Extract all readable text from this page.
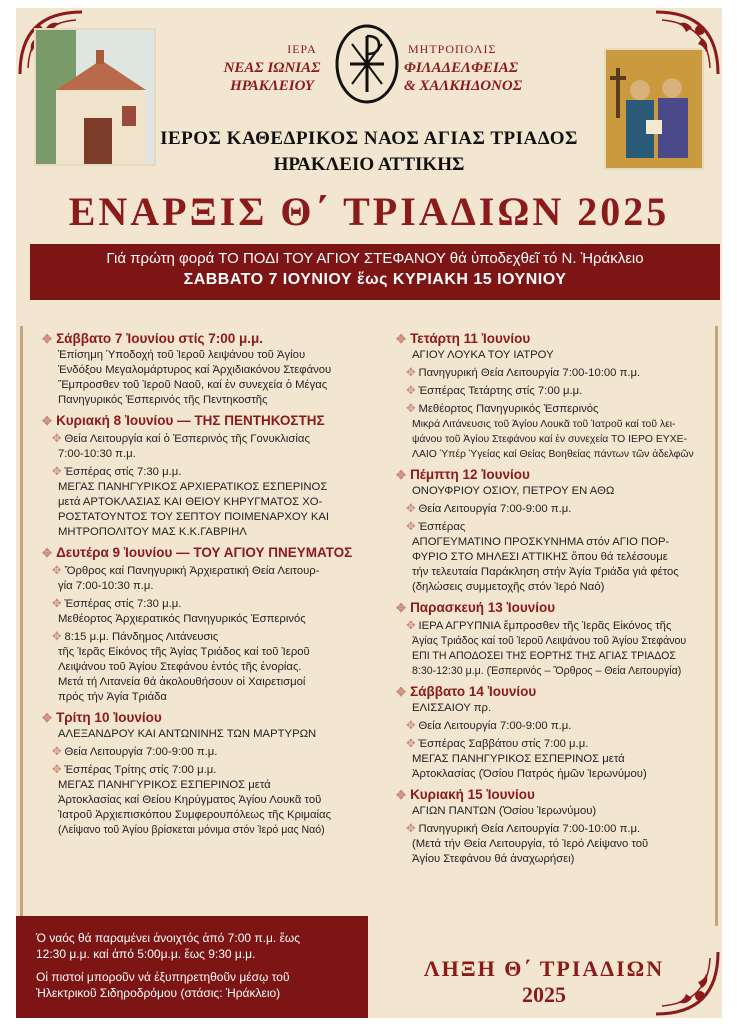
ΙΕΡΑ
ΝΕΑΣ ΙΩΝΙΑΣ
ΗΡΑΚΛΕΙΟΥ
ΜΗΤΡΟΠΟΛΙΣ
ΦΙΛΑΔΕΛΦΕΙΑΣ
& ΧΑΛΚΗΔΟΝΟΣ
ΙΕΡΟΣ ΚΑΘΕΔΡΙΚΟΣ ΝΑΟΣ ΑΓΙΑΣ ΤΡΙΑΔΟΣ
ΗΡΑΚΛΕΙΟ ΑΤΤΙΚΗΣ
ΕΝΑΡΞΙΣ Θ΄ ΤΡΙΑΔΙΩΝ 2025
Γιά πρώτη φορά ΤΟ ΠΟΔΙ ΤΟΥ ΑΓΙΟΥ ΣΤΕΦΑΝΟΥ θά ὑποδεχθεῖ τό Ν. Ἡράκλειο
ΣΑΒΒΑΤΟ 7 ΙΟΥΝΙΟΥ ἕως ΚΥΡΙΑΚΗ 15 ΙΟΥΝΙΟΥ
✥ Σάββατο 7 Ἰουνίου στίς 7:00 μ.μ.
Ἐπίσημη Ὑποδοχή τοῦ Ἱεροῦ λειψάνου τοῦ Ἁγίου
Ἐνδόξου Μεγαλομάρτυρος καί Ἀρχιδιακόνου Στεφάνου
Ἔμπροσθεν τοῦ Ἱεροῦ Ναοῦ, καί ἐν συνεχεία ὁ Μέγας
Πανηγυρικός Ἑσπερινός τῆς Πεντηκοστῆς
✥ Κυριακή 8 Ἰουνίου — ΤΗΣ ΠΕΝΤΗΚΟΣΤΗΣ
✥ Θεία Λειτουργία καί ὁ Ἑσπερινός τῆς Γονυκλισίας
7:00-10:30 π.μ.
✥ Ἑσπέρας στίς 7:30 μ.μ.
ΜΕΓΑΣ ΠΑΝΗΓΥΡΙΚΟΣ ΑΡΧΙΕΡΑΤΙΚΟΣ ΕΣΠΕΡΙΝΟΣ
μετά ΑΡΤΟΚΛΑΣΙΑΣ ΚΑΙ ΘΕΙΟΥ ΚΗΡΥΓΜΑΤΟΣ ΧΟ-
ΡΟΣΤΑΤΟΥΝΤΟΣ ΤΟΥ ΣΕΠΤΟΥ ΠΟΙΜΕΝΑΡΧΟΥ ΚΑΙ
ΜΗΤΡΟΠΟΛΙΤΟΥ ΜΑΣ Κ.Κ.ΓΑΒΡΙΗΛ
✥ Δευτέρα 9 Ἰουνίου — ΤΟΥ ΑΓΙΟΥ ΠΝΕΥΜΑΤΟΣ
✥ Ὄρθρος καί Πανηγυρική Ἀρχιερατική Θεία Λειτουρ-
γία 7:00-10:30 π.μ.
✥ Ἑσπέρας στίς 7:30 μ.μ.
Μεθέορτος Ἀρχιερατικός Πανηγυρικός Ἑσπερινός
✥ 8:15 μ.μ. Πάνδημος Λιτάνευσις
τῆς Ἱερᾶς Εἰκόνος τῆς Ἁγίας Τριάδος καί τοῦ Ἱεροῦ
Λειψάνου τοῦ Ἁγίου Στεφάνου ἐντός τῆς ἐνορίας.
Μετά τή Λιτανεία θά ἀκολουθήσουν οἱ Χαιρετισμοί
πρός τήν Ἁγία Τριάδα
✥ Τρίτη 10 Ἰουνίου
ΑΛΕΞΑΝΔΡΟΥ ΚΑΙ ΑΝΤΩΝΙΝΗΣ ΤΩΝ ΜΑΡΤΥΡΩΝ
✥ Θεία Λειτουργία 7:00-9:00 π.μ.
✥ Ἑσπέρας Τρίτης στίς 7:00 μ.μ.
ΜΕΓΑΣ ΠΑΝΗΓΥΡΙΚΟΣ ΕΣΠΕΡΙΝΟΣ μετά
Ἀρτοκλασίας καί Θείου Κηρύγματος Ἁγίου Λουκᾶ τοῦ
Ἰατροῦ Ἀρχιεπισκόπου Συμφερουπόλεως τῆς Κριμαίας
(Λείψανο τοῦ Ἁγίου βρίσκεται μόνιμα στόν Ἱερό μας Ναό)
✥ Τετάρτη 11 Ἰουνίου
ΑΓΙΟΥ ΛΟΥΚΑ ΤΟΥ ΙΑΤΡΟΥ
✥ Πανηγυρική Θεία Λειτουργία 7:00-10:00 π.μ.
✥ Ἑσπέρας Τετάρτης στίς 7:00 μ.μ.
✥ Μεθέορτος Πανηγυρικός Ἑσπερινός
Μικρά Λιτάνευσις τοῦ Ἁγίου Λουκᾶ τοῦ Ἰατροῦ καί τοῦ λει-
ψάνου τοῦ Ἁγίου Στεφάνου καί ἐν συνεχεία ΤΟ ΙΕΡΟ ΕΥΧΕ-
ΛΑΙΟ Ὑπέρ Ὑγείας καί Θείας Βοηθείας πάντων τῶν ἀδελφῶν
✥ Πέμπτη 12 Ἰουνίου
ΟΝΟΥΦΡΙΟΥ ΟΣΙΟΥ, ΠΕΤΡΟΥ ΕΝ ΑΘΩ
✥ Θεία Λειτουργία 7:00-9:00 π.μ.
✥ Ἑσπέρας
ΑΠΟΓΕΥΜΑΤΙΝΟ ΠΡΟΣΚΥΝΗΜΑ στόν ΑΓΙΟ ΠΟΡ-
ΦΥΡΙΟ ΣΤΟ ΜΗΛΕΣΙ ΑΤΤΙΚΗΣ ὅπου θά τελέσουμε
τήν τελευταία Παράκληση στήν Ἁγία Τριάδα γιά φέτος
(δηλώσεις συμμετοχῆς στόν Ἱερό Ναό)
✥ Παρασκευή 13 Ἰουνίου
✥ ΙΕΡΑ ΑΓΡΥΠΝΙΑ ἔμπροσθεν τῆς Ἱερᾶς Εἰκόνος τῆς
Ἁγίας Τριάδος καί τοῦ Ἱεροῦ Λειψάνου τοῦ Ἁγίου Στεφάνου
ΕΠΙ ΤΗ ΑΠΟΔΟΣΕΙ ΤΗΣ ΕΟΡΤΗΣ ΤΗΣ ΑΓΙΑΣ ΤΡΙΑΔΟΣ
8:30-12:30 μ.μ. (Ἑσπερινός – Ὄρθρος – Θεία Λειτουργία)
✥ Σάββατο 14 Ἰουνίου
ΕΛΙΣΣΑΙΟΥ πρ.
✥ Θεία Λειτουργία 7:00-9:00 π.μ.
✥ Ἑσπέρας Σαββάτου στίς 7:00 μ.μ.
ΜΕΓΑΣ ΠΑΝΗΓΥΡΙΚΟΣ ΕΣΠΕΡΙΝΟΣ μετά
Ἀρτοκλασίας (Ὁσίου Πατρός ἡμῶν Ἱερωνύμου)
✥ Κυριακή 15 Ἰουνίου
ΑΓΙΩΝ ΠΑΝΤΩΝ (Ὁσίου Ἱερωνύμου)
✥ Πανηγυρική Θεία Λειτουργία 7:00-10:00 π.μ.
(Μετά τήν Θεία Λειτουργία, τό Ἱερό Λείψανο τοῦ
Ἁγίου Στεφάνου θά ἀναχωρήσει)
Ὁ ναός θά παραμένει ἀνοιχτός ἀπό 7:00 π.μ. ἕως
12:30 μ.μ. καί ἀπό 5:00μ.μ. ἕως 9:30 μ.μ.
Οἱ πιστοί μποροῦν νά ἐξυπηρετηθοῦν μέσῳ τοῦ
Ἠλεκτρικοῦ Σιδηροδρόμου (στάσις: Ἡράκλειο)
ΛΗΞΗ Θ΄ ΤΡΙΑΔΙΩΝ
2025
